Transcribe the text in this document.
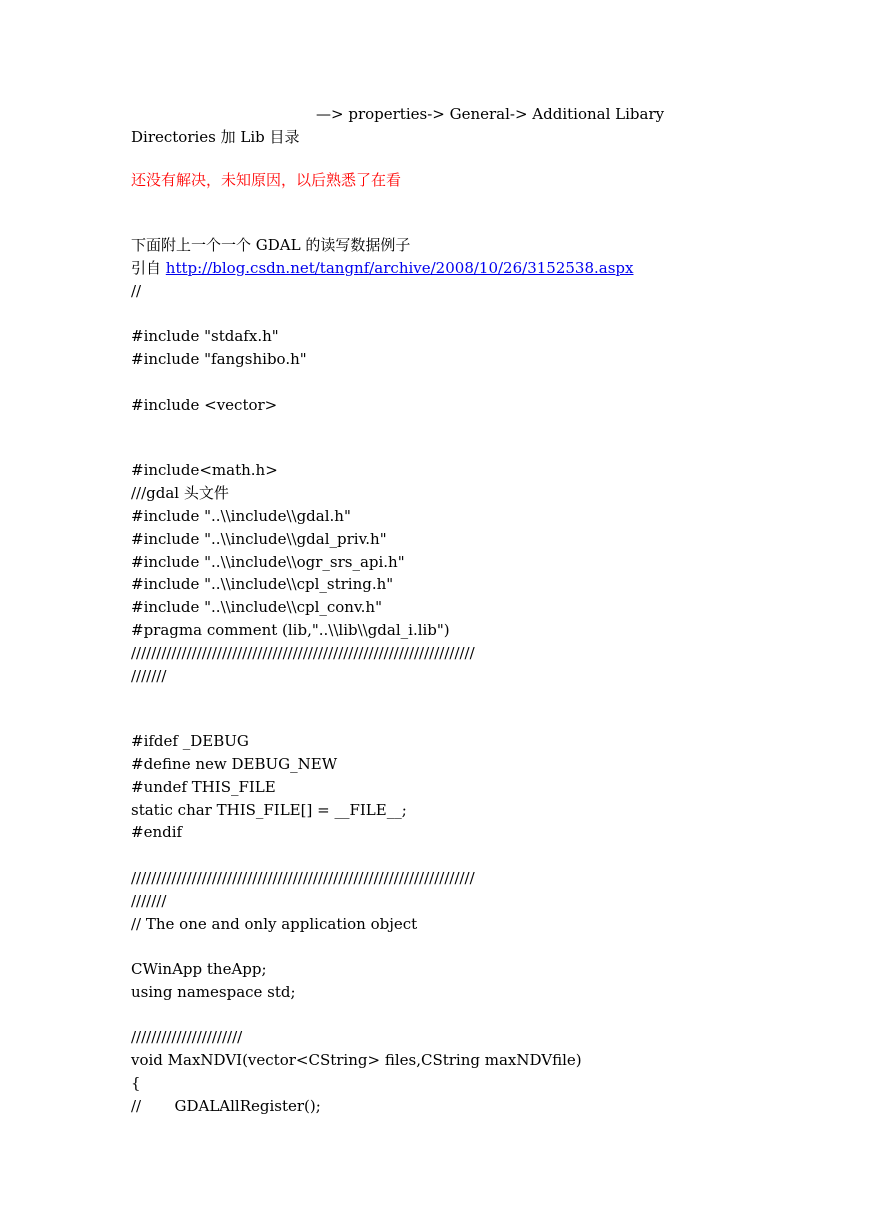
—> properties-> General-> Additional Libary
Directories 加 Lib 目录
还没有解决，未知原因，以后熟悉了在看
下面附上一个一个 GDAL 的读写数据例子
引自 http://blog.csdn.net/tangnf/archive/2008/10/26/3152538.aspx
//
#include "stdafx.h"
#include "fangshibo.h"
#include <vector>
#include<math.h>
///gdal 头文件
#include "..\\include\\gdal.h"
#include "..\\include\\gdal_priv.h"
#include "..\\include\\ogr_srs_api.h"
#include "..\\include\\cpl_string.h"
#include "..\\include\\cpl_conv.h"
#pragma comment (lib,"..\\lib\\gdal_i.lib")
////////////////////////////////////////////////////////////////////
///////
#ifdef _DEBUG
#define new DEBUG_NEW
#undef THIS_FILE
static char THIS_FILE[] = __FILE__;
#endif
////////////////////////////////////////////////////////////////////
///////
// The one and only application object
CWinApp theApp;
using namespace std;
//////////////////////
void MaxNDVI(vector<CString> files,CString maxNDVfile)
{
//       GDALAllRegister();
